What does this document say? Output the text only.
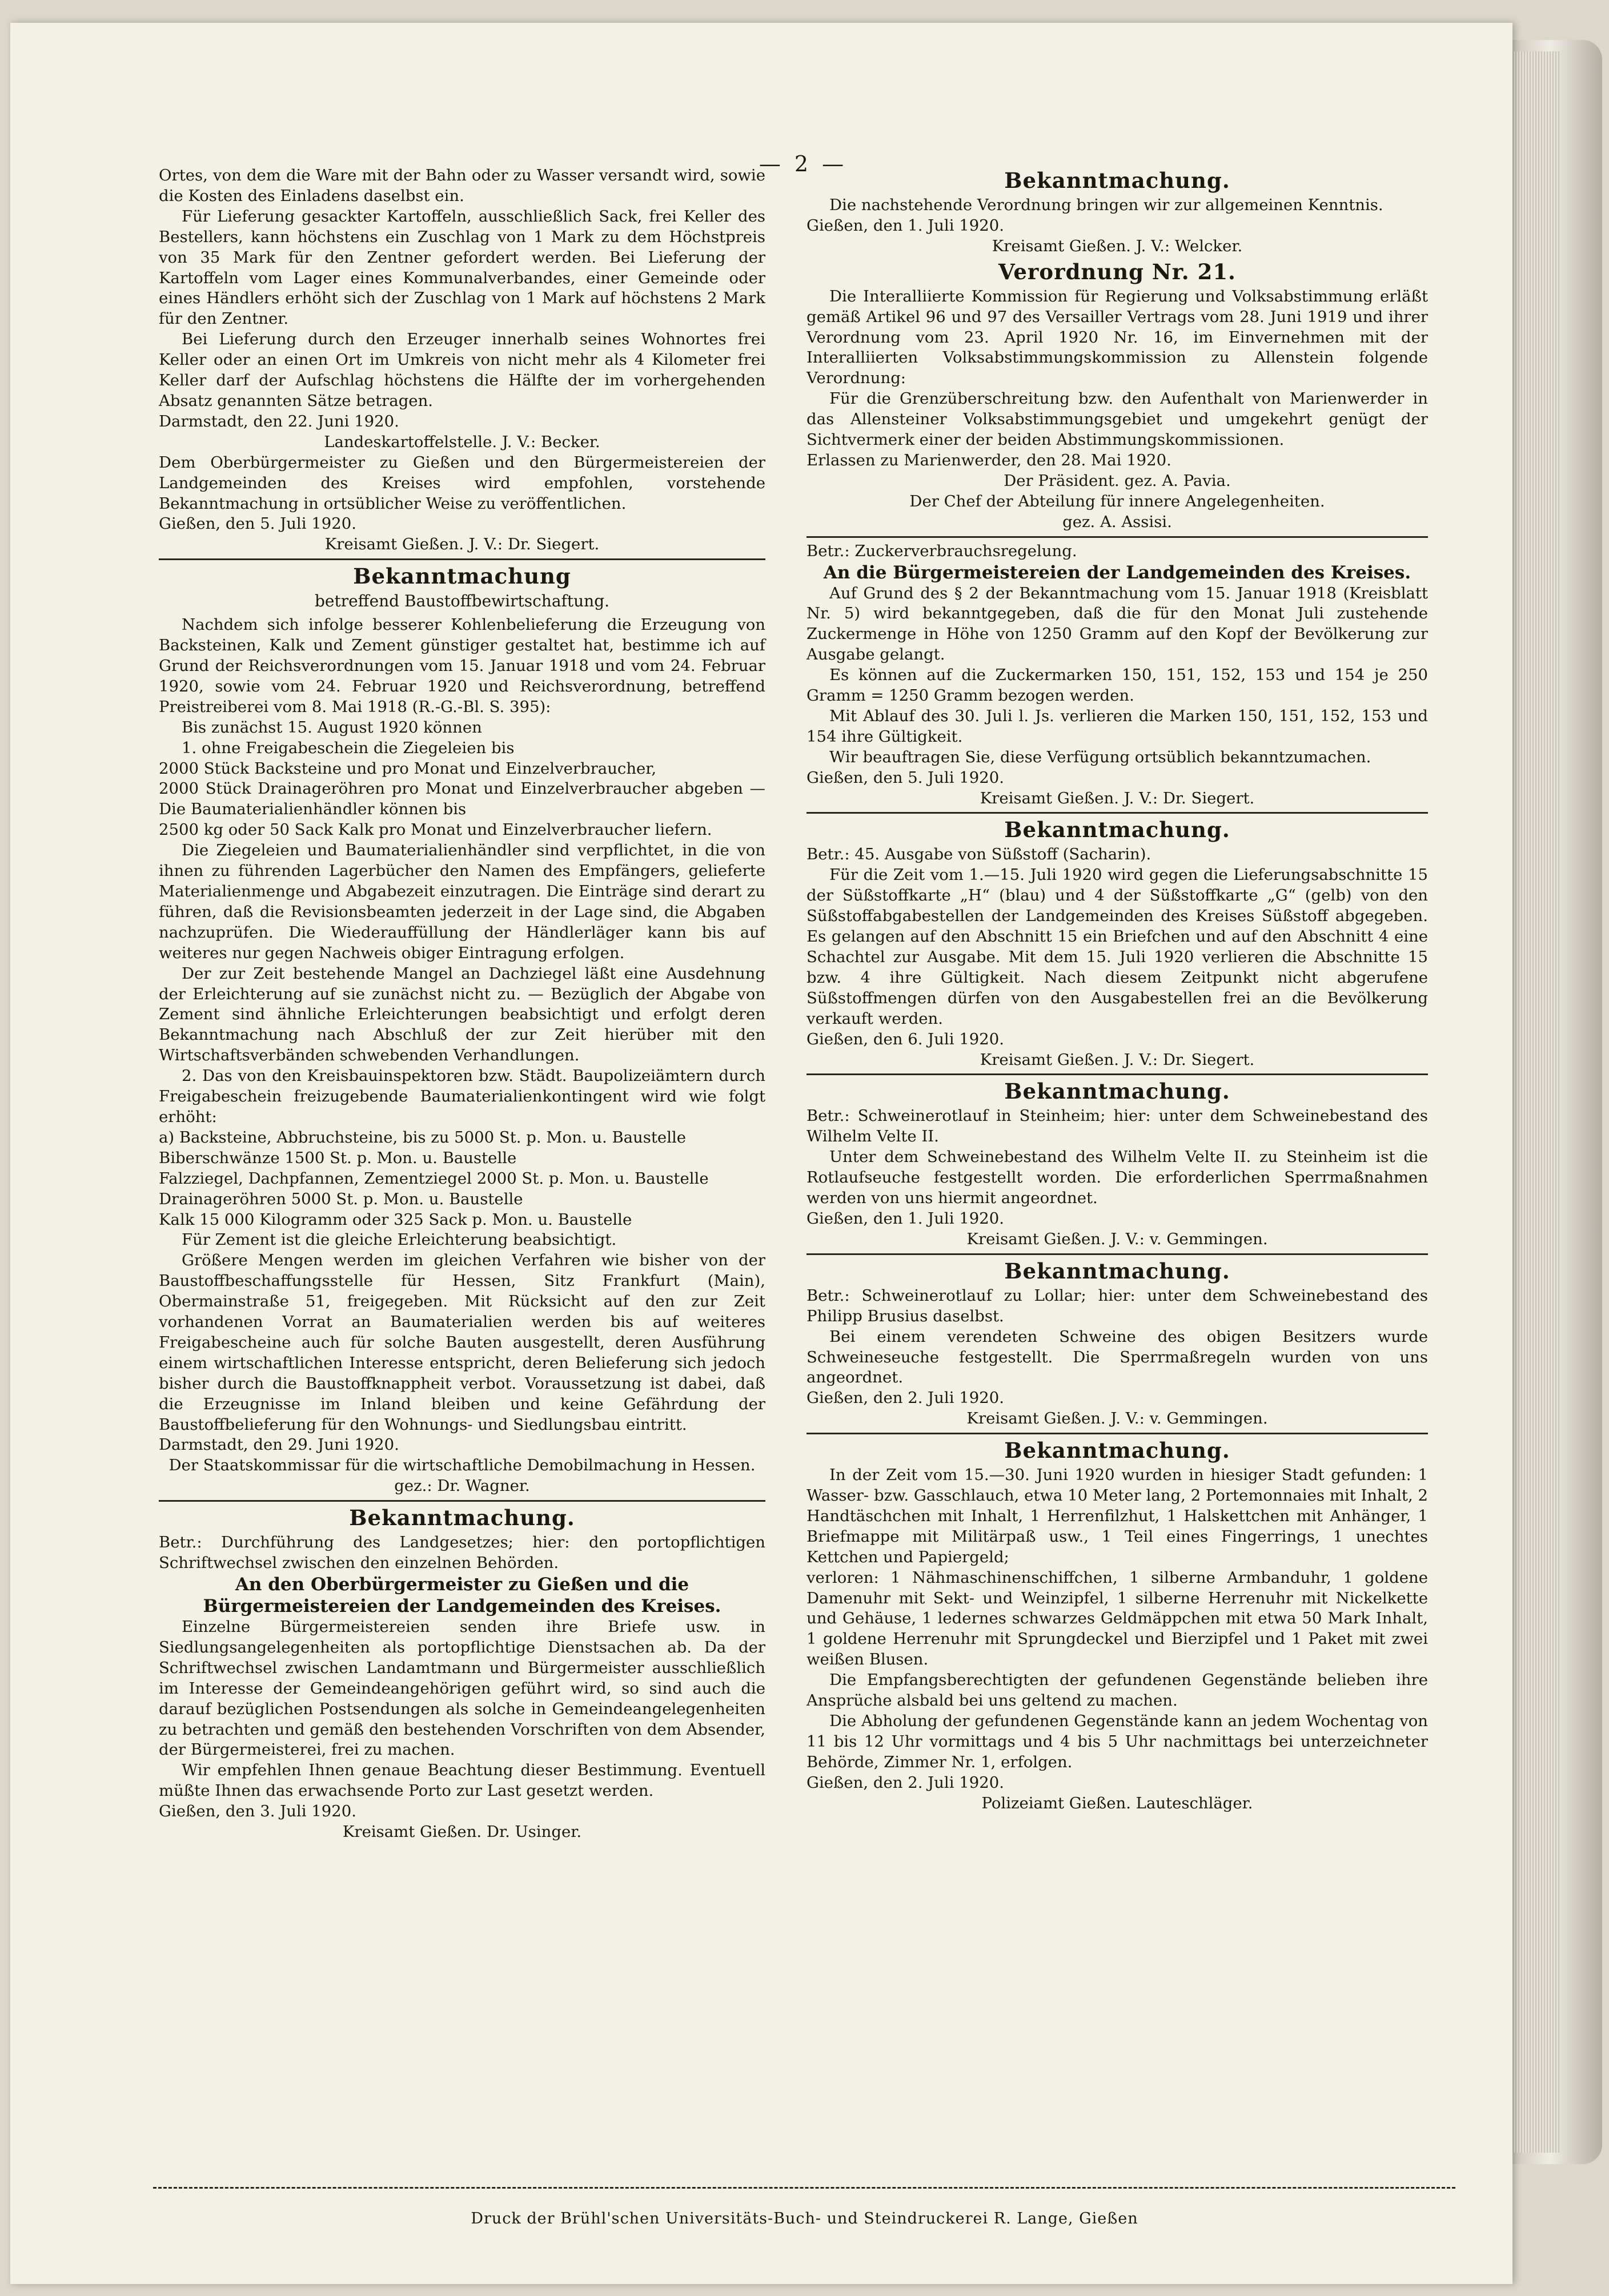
— 2 —

Ortes, von dem die Ware mit der Bahn oder zu Wasser versandt wird, sowie die Kosten des Einladens daselbst ein.

Für Lieferung gesackter Kartoffeln, ausschließlich Sack, frei Keller des Bestellers, kann höchstens ein Zuschlag von 1 Mark zu dem Höchstpreis von 35 Mark für den Zentner gefordert werden. Bei Lieferung der Kartoffeln vom Lager eines Kommunalverbandes, einer Gemeinde oder eines Händlers erhöht sich der Zuschlag von 1 Mark auf höchstens 2 Mark für den Zentner.

Bei Lieferung durch den Erzeuger innerhalb seines Wohnortes frei Keller oder an einen Ort im Umkreis von nicht mehr als 4 Kilometer frei Keller darf der Aufschlag höchstens die Hälfte der im vorhergehenden Absatz genannten Sätze betragen.

Darmstadt, den 22. Juni 1920.

Landeskartoffelstelle. J. V.: Becker.

Dem Oberbürgermeister zu Gießen und den Bürgermeistereien der Landgemeinden des Kreises wird empfohlen, vorstehende Bekanntmachung in ortsüblicher Weise zu veröffentlichen.

Gießen, den 5. Juli 1920.

Kreisamt Gießen. J. V.: Dr. Siegert.

Bekanntmachung

betreffend Baustoffbewirtschaftung.

Nachdem sich infolge besserer Kohlenbelieferung die Erzeugung von Backsteinen, Kalk und Zement günstiger gestaltet hat, bestimme ich auf Grund der Reichsverordnungen vom 15. Januar 1918 und vom 24. Februar 1920, sowie vom 24. Februar 1920 und Reichsverordnung, betreffend Preistreiberei vom 8. Mai 1918 (R.-G.-Bl. S. 395):

Bis zunächst 15. August 1920 können

1. ohne Freigabeschein die Ziegeleien bis
2000 Stück Backsteine und pro Monat und Einzelverbraucher,
2000 Stück Drainageröhren pro Monat und Einzelverbraucher abgeben — Die Baumaterialienhändler können bis
2500 kg oder 50 Sack Kalk pro Monat und Einzelverbraucher liefern.

Die Ziegeleien und Baumaterialienhändler sind verpflichtet, in die von ihnen zu führenden Lagerbücher den Namen des Empfängers, gelieferte Materialienmenge und Abgabezeit einzutragen. Die Einträge sind derart zu führen, daß die Revisionsbeamten jederzeit in der Lage sind, die Abgaben nachzuprüfen. Die Wiederauffüllung der Händlerläger kann bis auf weiteres nur gegen Nachweis obiger Eintragung erfolgen.

Der zur Zeit bestehende Mangel an Dachziegel läßt eine Ausdehnung der Erleichterung auf sie zunächst nicht zu. — Bezüglich der Abgabe von Zement sind ähnliche Erleichterungen beabsichtigt und erfolgt deren Bekanntmachung nach Abschluß der zur Zeit hierüber mit den Wirtschaftsverbänden schwebenden Verhandlungen.

2. Das von den Kreisbauinspektoren bzw. Städt. Baupolizeiämtern durch Freigabeschein freizugebende Baumaterialienkontingent wird wie folgt erhöht:

a) Backsteine, Abbruchsteine, bis zu 5000 St. p. Mon. u. Baustelle
Biberschwänze 1500 St. p. Mon. u. Baustelle
Falzziegel, Dachpfannen, Zementziegel 2000 St. p. Mon. u. Baustelle
Drainageröhren 5000 St. p. Mon. u. Baustelle
Kalk 15 000 Kilogramm oder 325 Sack p. Mon. u. Baustelle

Für Zement ist die gleiche Erleichterung beabsichtigt.

Größere Mengen werden im gleichen Verfahren wie bisher von der Baustoffbeschaffungsstelle für Hessen, Sitz Frankfurt (Main), Obermainstraße 51, freigegeben. Mit Rücksicht auf den zur Zeit vorhandenen Vorrat an Baumaterialien werden bis auf weiteres Freigabescheine auch für solche Bauten ausgestellt, deren Ausführung einem wirtschaftlichen Interesse entspricht, deren Belieferung sich jedoch bisher durch die Baustoffknappheit verbot. Voraussetzung ist dabei, daß die Erzeugnisse im Inland bleiben und keine Gefährdung der Baustoffbelieferung für den Wohnungs- und Siedlungsbau eintritt.

Darmstadt, den 29. Juni 1920.

Der Staatskommissar für die wirtschaftliche Demobilmachung in Hessen. gez.: Dr. Wagner.

Bekanntmachung.

Betr.: Durchführung des Landgesetzes; hier: den portopflichtigen Schriftwechsel zwischen den einzelnen Behörden.

An den Oberbürgermeister zu Gießen und die Bürgermeistereien der Landgemeinden des Kreises.

Einzelne Bürgermeistereien senden ihre Briefe usw. in Siedlungsangelegenheiten als portopflichtige Dienstsachen ab. Da der Schriftwechsel zwischen Landamtmann und Bürgermeister ausschließlich im Interesse der Gemeindeangehörigen geführt wird, so sind auch die darauf bezüglichen Postsendungen als solche in Gemeindeangelegenheiten zu betrachten und gemäß den bestehenden Vorschriften von dem Absender, der Bürgermeisterei, frei zu machen.

Wir empfehlen Ihnen genaue Beachtung dieser Bestimmung. Eventuell müßte Ihnen das erwachsende Porto zur Last gesetzt werden.

Gießen, den 3. Juli 1920.

Kreisamt Gießen. Dr. Usinger.

Bekanntmachung.

Die nachstehende Verordnung bringen wir zur allgemeinen Kenntnis.

Gießen, den 1. Juli 1920.

Kreisamt Gießen. J. V.: Welcker.

Verordnung Nr. 21.

Die Interalliierte Kommission für Regierung und Volksabstimmung erläßt gemäß Artikel 96 und 97 des Versailler Vertrags vom 28. Juni 1919 und ihrer Verordnung vom 23. April 1920 Nr. 16, im Einvernehmen mit der Interalliierten Volksabstimmungskommission zu Allenstein folgende Verordnung:

Für die Grenzüberschreitung bzw. den Aufenthalt von Marienwerder in das Allensteiner Volksabstimmungsgebiet und umgekehrt genügt der Sichtvermerk einer der beiden Abstimmungskommissionen.

Erlassen zu Marienwerder, den 28. Mai 1920.

Der Präsident. gez. A. Pavia.

Der Chef der Abteilung für innere Angelegenheiten.

gez. A. Assisi.

Betr.: Zuckerverbrauchsregelung.

An die Bürgermeistereien der Landgemeinden des Kreises.

Auf Grund des § 2 der Bekanntmachung vom 15. Januar 1918 (Kreisblatt Nr. 5) wird bekanntgegeben, daß die für den Monat Juli zustehende Zuckermenge in Höhe von 1250 Gramm auf den Kopf der Bevölkerung zur Ausgabe gelangt.

Es können auf die Zuckermarken 150, 151, 152, 153 und 154 je 250 Gramm = 1250 Gramm bezogen werden.

Mit Ablauf des 30. Juli l. Js. verlieren die Marken 150, 151, 152, 153 und 154 ihre Gültigkeit.

Wir beauftragen Sie, diese Verfügung ortsüblich bekanntzumachen.

Gießen, den 5. Juli 1920.

Kreisamt Gießen. J. V.: Dr. Siegert.

Bekanntmachung.

Betr.: 45. Ausgabe von Süßstoff (Sacharin).

Für die Zeit vom 1.—15. Juli 1920 wird gegen die Lieferungsabschnitte 15 der Süßstoffkarte „H“ (blau) und 4 der Süßstoffkarte „G“ (gelb) von den Süßstoffabgabestellen der Landgemeinden des Kreises Süßstoff abgegeben. Es gelangen auf den Abschnitt 15 ein Briefchen und auf den Abschnitt 4 eine Schachtel zur Ausgabe. Mit dem 15. Juli 1920 verlieren die Abschnitte 15 bzw. 4 ihre Gültigkeit. Nach diesem Zeitpunkt nicht abgerufene Süßstoffmengen dürfen von den Ausgabestellen frei an die Bevölkerung verkauft werden.

Gießen, den 6. Juli 1920.

Kreisamt Gießen. J. V.: Dr. Siegert.

Bekanntmachung.

Betr.: Schweinerotlauf in Steinheim; hier: unter dem Schweinebestand des Wilhelm Velte II.

Unter dem Schweinebestand des Wilhelm Velte II. zu Steinheim ist die Rotlaufseuche festgestellt worden. Die erforderlichen Sperrmaßnahmen werden von uns hiermit angeordnet.

Gießen, den 1. Juli 1920.

Kreisamt Gießen. J. V.: v. Gemmingen.

Bekanntmachung.

Betr.: Schweinerotlauf zu Lollar; hier: unter dem Schweinebestand des Philipp Brusius daselbst.

Bei einem verendeten Schweine des obigen Besitzers wurde Schweineseuche festgestellt. Die Sperrmaßregeln wurden von uns angeordnet.

Gießen, den 2. Juli 1920.

Kreisamt Gießen. J. V.: v. Gemmingen.

Bekanntmachung.

In der Zeit vom 15.—30. Juni 1920 wurden in hiesiger Stadt gefunden: 1 Wasser- bzw. Gasschlauch, etwa 10 Meter lang, 2 Portemonnaies mit Inhalt, 2 Handtäschchen mit Inhalt, 1 Herrenfilzhut, 1 Halskettchen mit Anhänger, 1 Briefmappe mit Militärpaß usw., 1 Teil eines Fingerrings, 1 unechtes Kettchen und Papiergeld;

verloren: 1 Nähmaschinenschiffchen, 1 silberne Armbanduhr, 1 goldene Damenuhr mit Sekt- und Weinzipfel, 1 silberne Herrenuhr mit Nickelkette und Gehäuse, 1 ledernes schwarzes Geldmäppchen mit etwa 50 Mark Inhalt, 1 goldene Herrenuhr mit Sprungdeckel und Bierzipfel und 1 Paket mit zwei weißen Blusen.

Die Empfangsberechtigten der gefundenen Gegenstände belieben ihre Ansprüche alsbald bei uns geltend zu machen.

Die Abholung der gefundenen Gegenstände kann an jedem Wochentag von 11 bis 12 Uhr vormittags und 4 bis 5 Uhr nachmittags bei unterzeichneter Behörde, Zimmer Nr. 1, erfolgen.

Gießen, den 2. Juli 1920.

Polizeiamt Gießen. Lauteschläger.

Druck der Brühl'schen Universitäts-Buch- und Steindruckerei R. Lange, Gießen
